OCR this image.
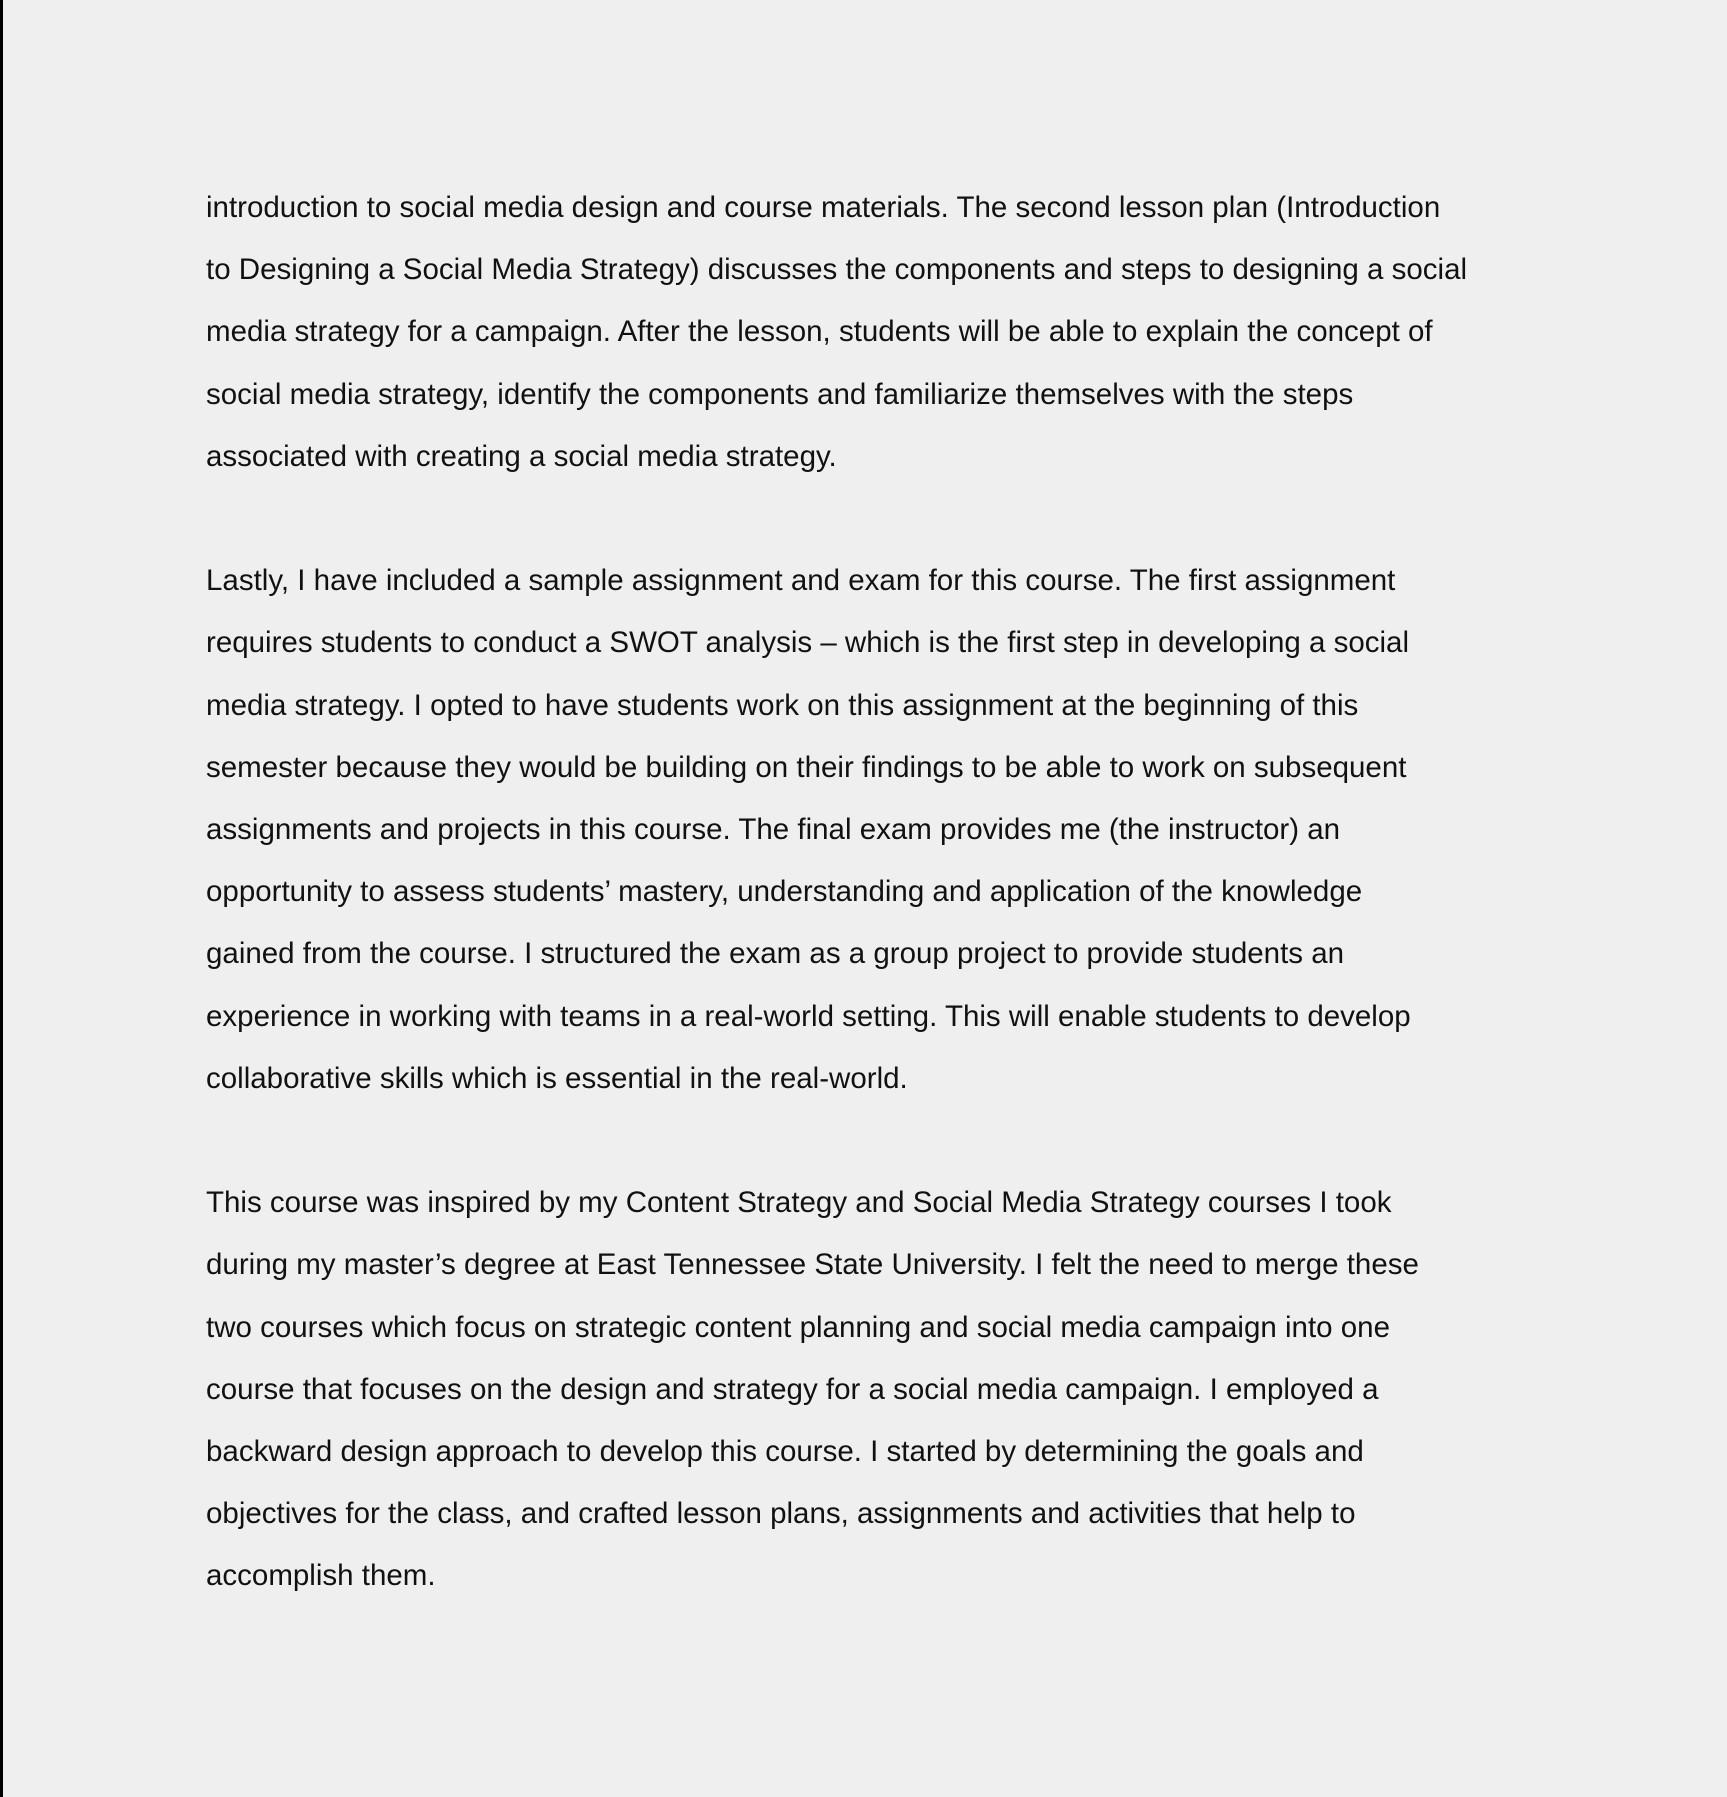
introduction to social media design and course materials. The second lesson plan (Introduction
to Designing a Social Media Strategy) discusses the components and steps to designing a social
media strategy for a campaign. After the lesson, students will be able to explain the concept of
social media strategy, identify the components and familiarize themselves with the steps
associated with creating a social media strategy.

Lastly, I have included a sample assignment and exam for this course. The first assignment
requires students to conduct a SWOT analysis – which is the first step in developing a social
media strategy. I opted to have students work on this assignment at the beginning of this
semester because they would be building on their findings to be able to work on subsequent
assignments and projects in this course. The final exam provides me (the instructor) an
opportunity to assess students’ mastery, understanding and application of the knowledge
gained from the course. I structured the exam as a group project to provide students an
experience in working with teams in a real-world setting. This will enable students to develop
collaborative skills which is essential in the real-world.

This course was inspired by my Content Strategy and Social Media Strategy courses I took
during my master’s degree at East Tennessee State University. I felt the need to merge these
two courses which focus on strategic content planning and social media campaign into one
course that focuses on the design and strategy for a social media campaign. I employed a
backward design approach to develop this course. I started by determining the goals and
objectives for the class, and crafted lesson plans, assignments and activities that help to
accomplish them.
